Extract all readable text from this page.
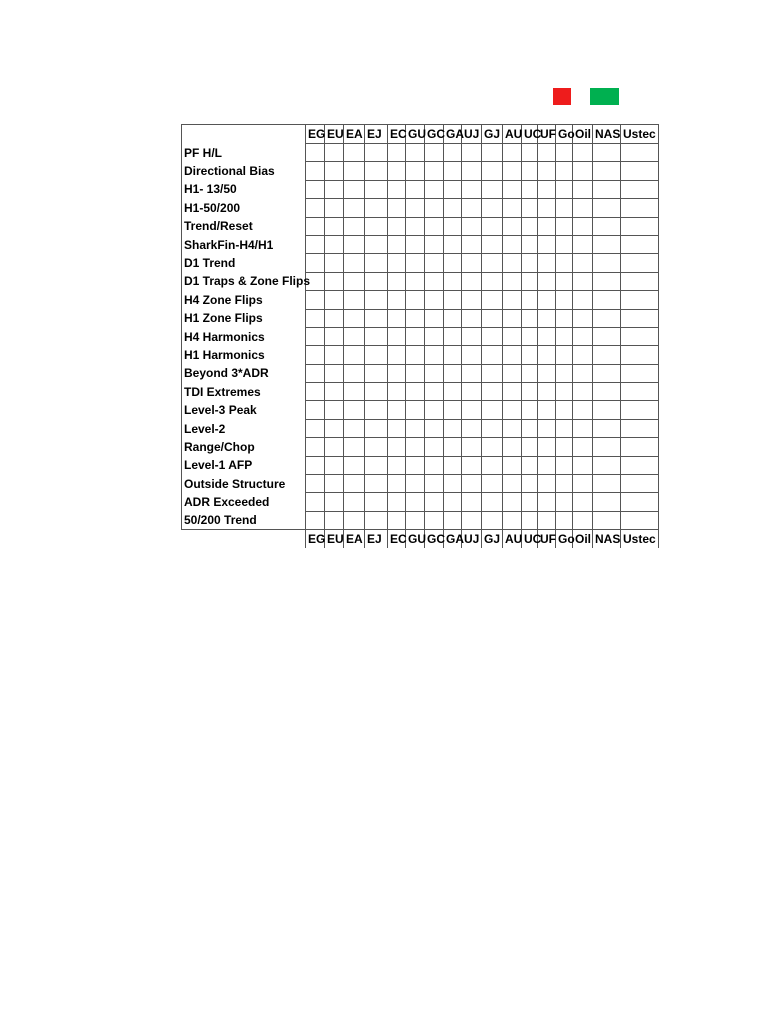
	EG	EU	EA	EJ	EC	GU	GC	GA	UJ	GJ	AU	UC	UF	Go	Oil	NAS	Ustec
PF H/L																	
Directional Bias																	
H1- 13/50																	
H1-50/200																	
Trend/Reset																	
SharkFin-H4/H1																	
D1 Trend																	
D1 Traps & Zone Flips																	
H4 Zone Flips																	
H1 Zone Flips																	
H4 Harmonics																	
H1 Harmonics																	
Beyond 3*ADR																	
TDI Extremes																	
Level-3 Peak																	
Level-2																	
Range/Chop																	
Level-1 AFP																	
Outside Structure																	
ADR Exceeded																	
50/200 Trend																	
	EG	EU	EA	EJ	EC	GU	GC	GA	UJ	GJ	AU	UC	UF	Go	Oil	NAS	Ustec
